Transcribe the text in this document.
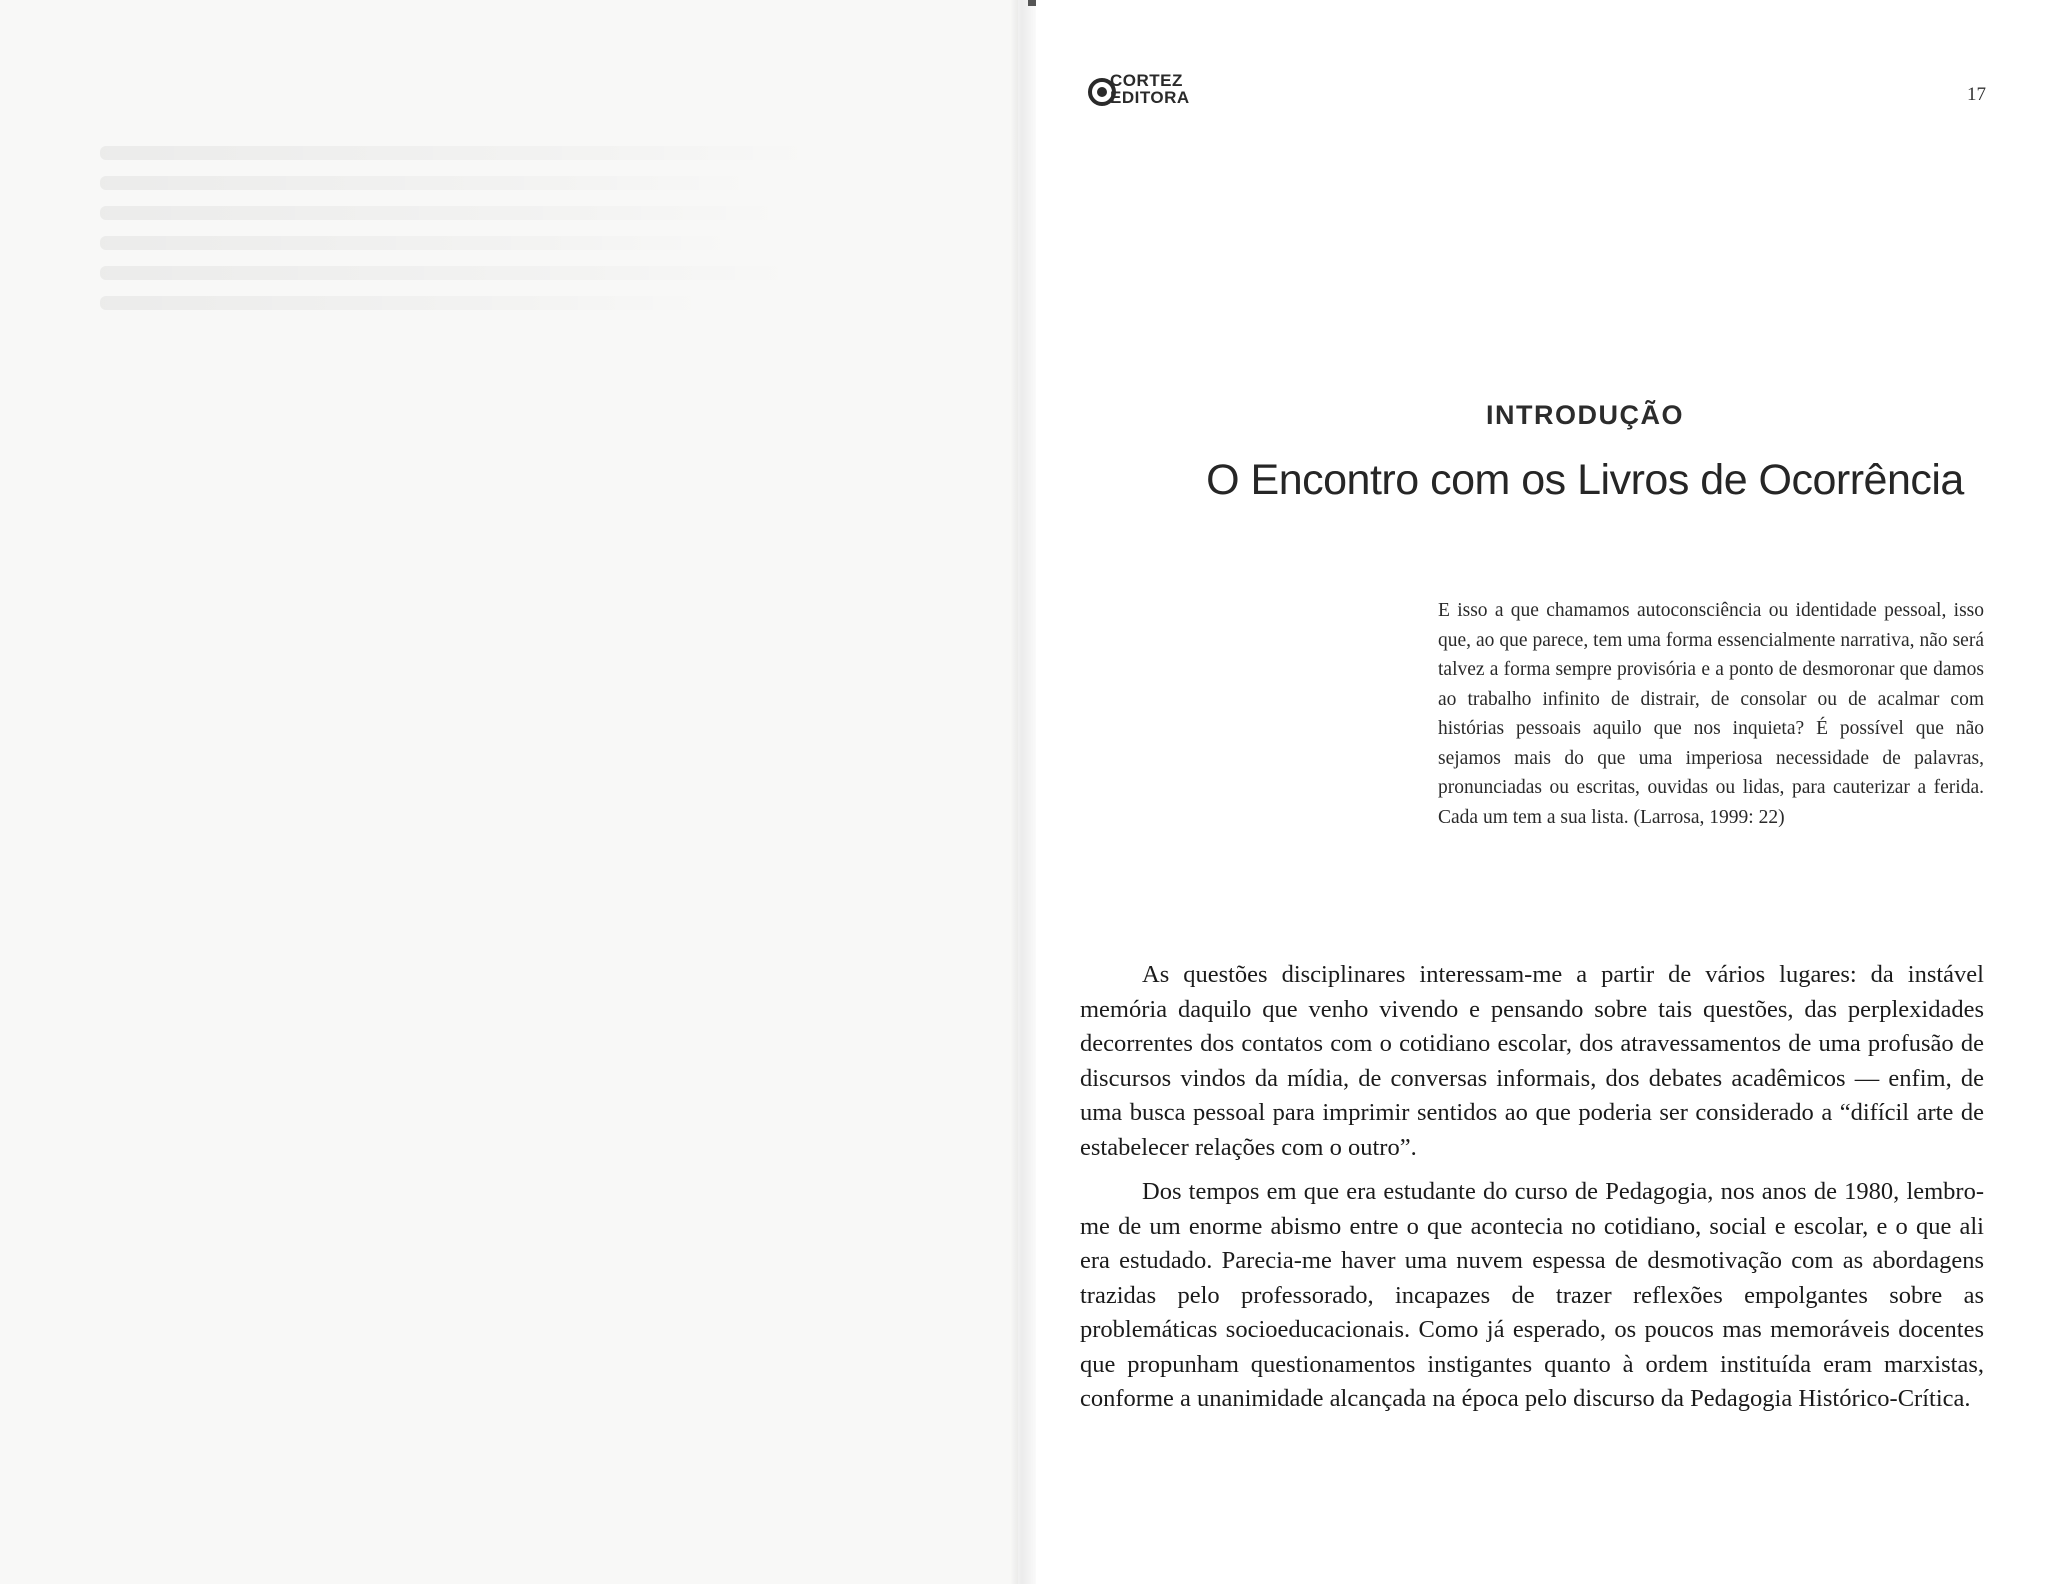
CORTEZ
EDITORA	17
INTRODUÇÃO
O Encontro com os Livros de Ocorrência
E isso a que chamamos autoconsciência ou identidade pessoal, isso que, ao que parece, tem uma forma essencialmente narrativa, não será talvez a forma sempre provisória e a ponto de desmoronar que damos ao trabalho infinito de distrair, de consolar ou de acalmar com histórias pessoais aquilo que nos inquieta? É possível que não sejamos mais do que uma imperiosa necessidade de palavras, pronunciadas ou escritas, ouvidas ou lidas, para cauterizar a ferida. Cada um tem a sua lista. (Larrosa, 1999: 22)

As questões disciplinares interessam-me a partir de vários lugares: da instável memória daquilo que venho vivendo e pensando sobre tais questões, das perplexidades decorrentes dos contatos com o cotidiano escolar, dos atravessamentos de uma profusão de discursos vindos da mídia, de conversas informais, dos debates acadêmicos — enfim, de uma busca pessoal para imprimir sentidos ao que poderia ser considerado a “difícil arte de estabelecer relações com o outro”.

Dos tempos em que era estudante do curso de Pedagogia, nos anos de 1980, lembro-me de um enorme abismo entre o que acontecia no cotidiano, social e escolar, e o que ali era estudado. Parecia-me haver uma nuvem espessa de desmotivação com as abordagens trazidas pelo professorado, incapazes de trazer reflexões empolgantes sobre as problemáticas socioeducacionais. Como já esperado, os poucos mas memoráveis docentes que propunham questionamentos instigantes quanto à ordem instituída eram marxistas, conforme a unanimidade alcançada na época pelo discurso da Pedagogia Histórico-Crítica.
